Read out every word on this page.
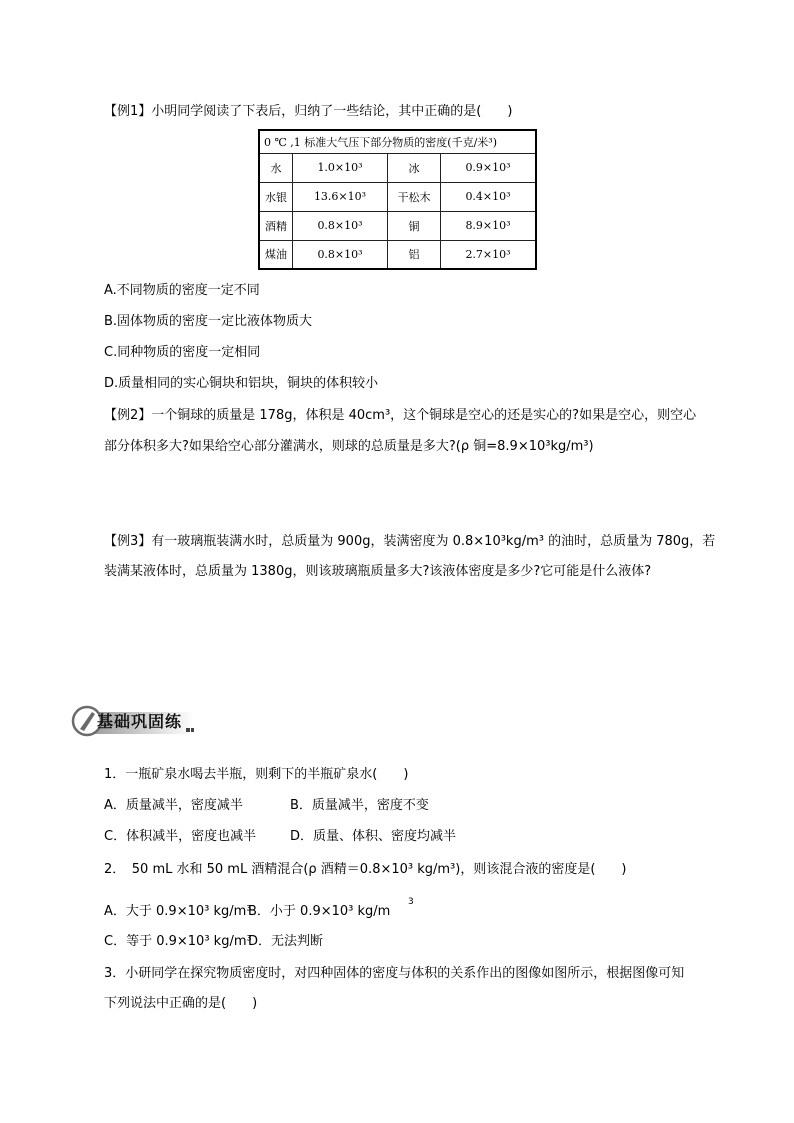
【例1】小明同学阅读了下表后，归纳了一些结论，其中正确的是(　　)
0 ℃ ,1 标准大气压下部分物质的密度(千克/米³)			
水	1.0×10³	冰	0.9×10³
水银	13.6×10³	干松木	0.4×10³
酒精	0.8×10³	铜	8.9×10³
煤油	0.8×10³	铝	2.7×10³
A.不同物质的密度一定不同
B.固体物质的密度一定比液体物质大
C.同种物质的密度一定相同
D.质量相同的实心铜块和铝块，铜块的体积较小
【例2】一个铜球的质量是 178g，体积是 40cm³，这个铜球是空心的还是实心的?如果是空心，则空心
部分体积多大?如果给空心部分灌满水，则球的总质量是多大?(ρ 铜=8.9×10³kg/m³)
【例3】有一玻璃瓶装满水时，总质量为 900g，装满密度为 0.8×10³kg/m³ 的油时，总质量为 780g，若
装满某液体时，总质量为 1380g，则该玻璃瓶质量多大?该液体密度是多少?它可能是什么液体?
基础巩固练
1．一瓶矿泉水喝去半瓶，则剩下的半瓶矿泉水(　　)
A．质量减半，密度减半	B．质量减半，密度不变
C．体积减半，密度也减半	D．质量、体积、密度均减半
2．　50 mL 水和 50 mL 酒精混合(ρ 酒精＝0.8×10³ kg/m³)，则该混合液的密度是(　　)
A．大于 0.9×10³ kg/m³
B．小于 0.9×10³ kg/m
3
C．等于 0.9×10³ kg/m³
D．无法判断
3．小研同学在探究物质密度时，对四种固体的密度与体积的关系作出的图像如图所示，根据图像可知
下列说法中正确的是(　　)
